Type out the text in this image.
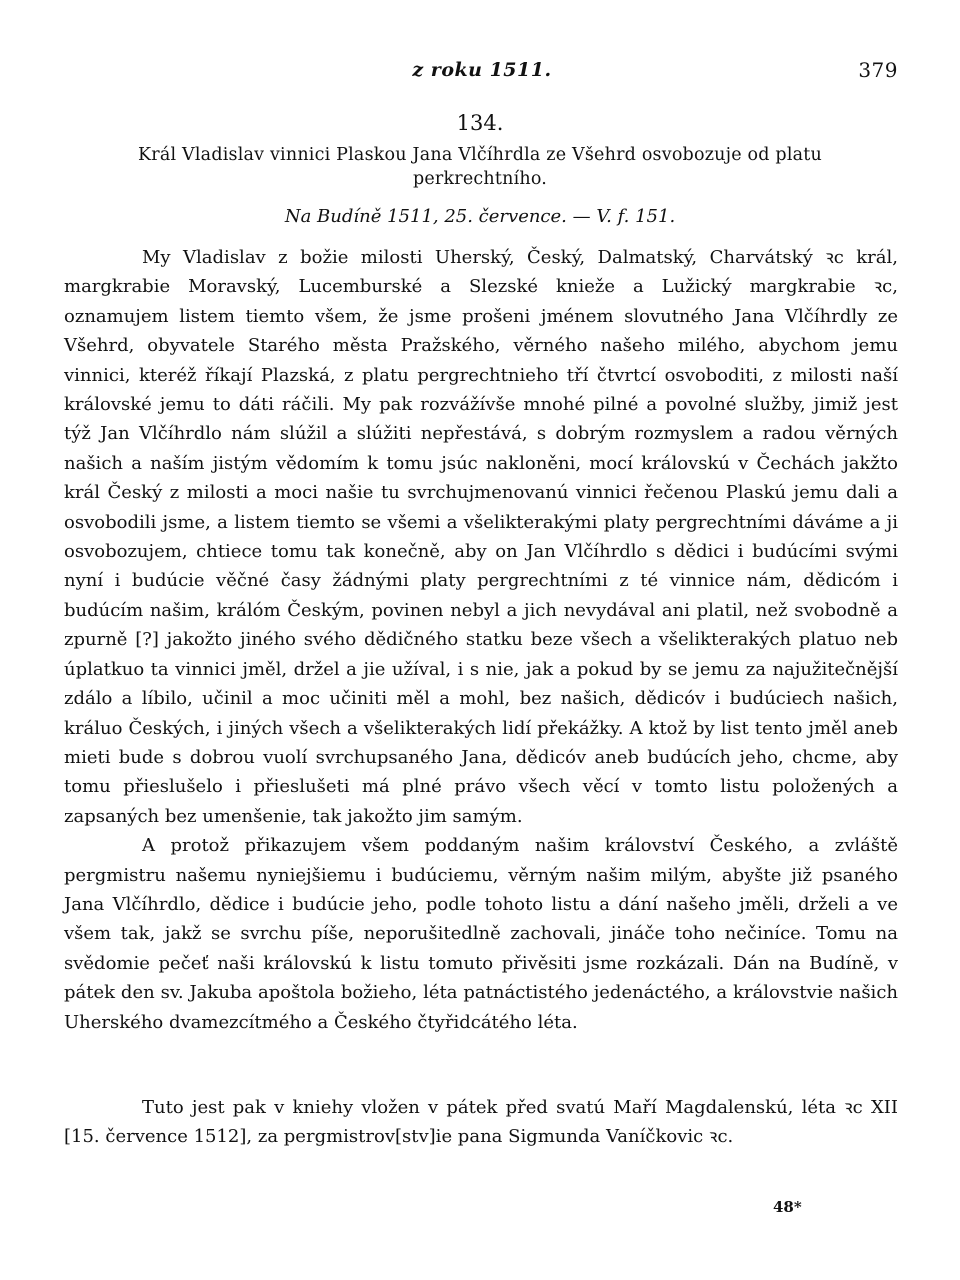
z roku 1511.	379
134.
Král Vladislav vinnici Plaskou Jana Vlčíhrdla ze Všehrd osvobozuje od platu perkrechtního.
Na Budíně 1511, 25. července. — V. f. 151.

My Vladislav z božie milosti Uherský, Český, Dalmatský, Charvátský ꝛc král, margkrabie Moravský, Lucemburské a Slezské knieže a Lužický margkrabie ꝛc, oznamujem listem tiemto všem, že jsme prošeni jménem slovutného Jana Vlčíhrdly ze Všehrd, obyvatele Starého města Pražského, věrného našeho milého, abychom jemu vinnici, kteréž říkají Plazská, z platu pergrechtnieho tří čtvrtcí osvoboditi, z milosti naší královské jemu to dáti ráčili. My pak rozvážívše mnohé pilné a povolné služby, jimiž jest týž Jan Vlčíhrdlo nám slúžil a slúžiti nepřestává, s dobrým rozmyslem a radou věrných našich a naším jistým vědomím k tomu jsúc nakloněni, mocí královskú v Čechách jakžto král Český z milosti a moci našie tu svrchujmenovanú vinnici řečenou Plaskú jemu dali a osvobodili jsme, a listem tiemto se všemi a všelikterakými platy pergrechtními dáváme a ji osvobozujem, chtiece tomu tak konečně, aby on Jan Vlčíhrdlo s dědici i budúcími svými nyní i budúcie věčné časy žádnými platy pergrechtními z té vinnice nám, dědicóm i budúcím našim, králóm Českým, povinen nebyl a jich nevydával ani platil, než svobodně a zpurně [?] jakožto jiného svého dědičného statku beze všech a všelikterakých platuo neb úplatkuo ta vinnici jměl, držel a jie užíval, i s nie, jak a pokud by se jemu za najužitečnější zdálo a líbilo, učinil a moc učiniti měl a mohl, bez našich, dědicóv i budúciech našich, králuo Českých, i jiných všech a všelikterakých lidí překážky. A ktož by list tento jměl aneb mieti bude s dobrou vuolí svrchupsaného Jana, dědicóv aneb budúcích jeho, chcme, aby tomu přieslušelo i přieslušeti má plné právo všech věcí v tomto listu položených a zapsaných bez umenšenie, tak jakožto jim samým.

A protož přikazujem všem poddaným našim království Českého, a zvláště pergmistru našemu nyniejšiemu i budúciemu, věrným našim milým, abyšte již psaného Jana Vlčíhrdlo, dědice i budúcie jeho, podle tohoto listu a dání našeho jměli, drželi a ve všem tak, jakž se svrchu píše, neporušitedlně zachovali, jináče toho nečiníce. Tomu na svědomie pečeť naši královskú k listu tomuto přivěsiti jsme rozkázali. Dán na Budíně, v pátek den sv. Jakuba apoštola božieho, léta patnáctistého jedenáctého, a královstvie našich Uherského dvamezcítmého a Českého čtyřidcátého léta.

Tuto jest pak v kniehy vložen v pátek před svatú Maří Magdalenskú, léta ꝛc XII [15. července 1512], za pergmistrov[stv]ie pana Sigmunda Vaníčkovic ꝛc.
48*
